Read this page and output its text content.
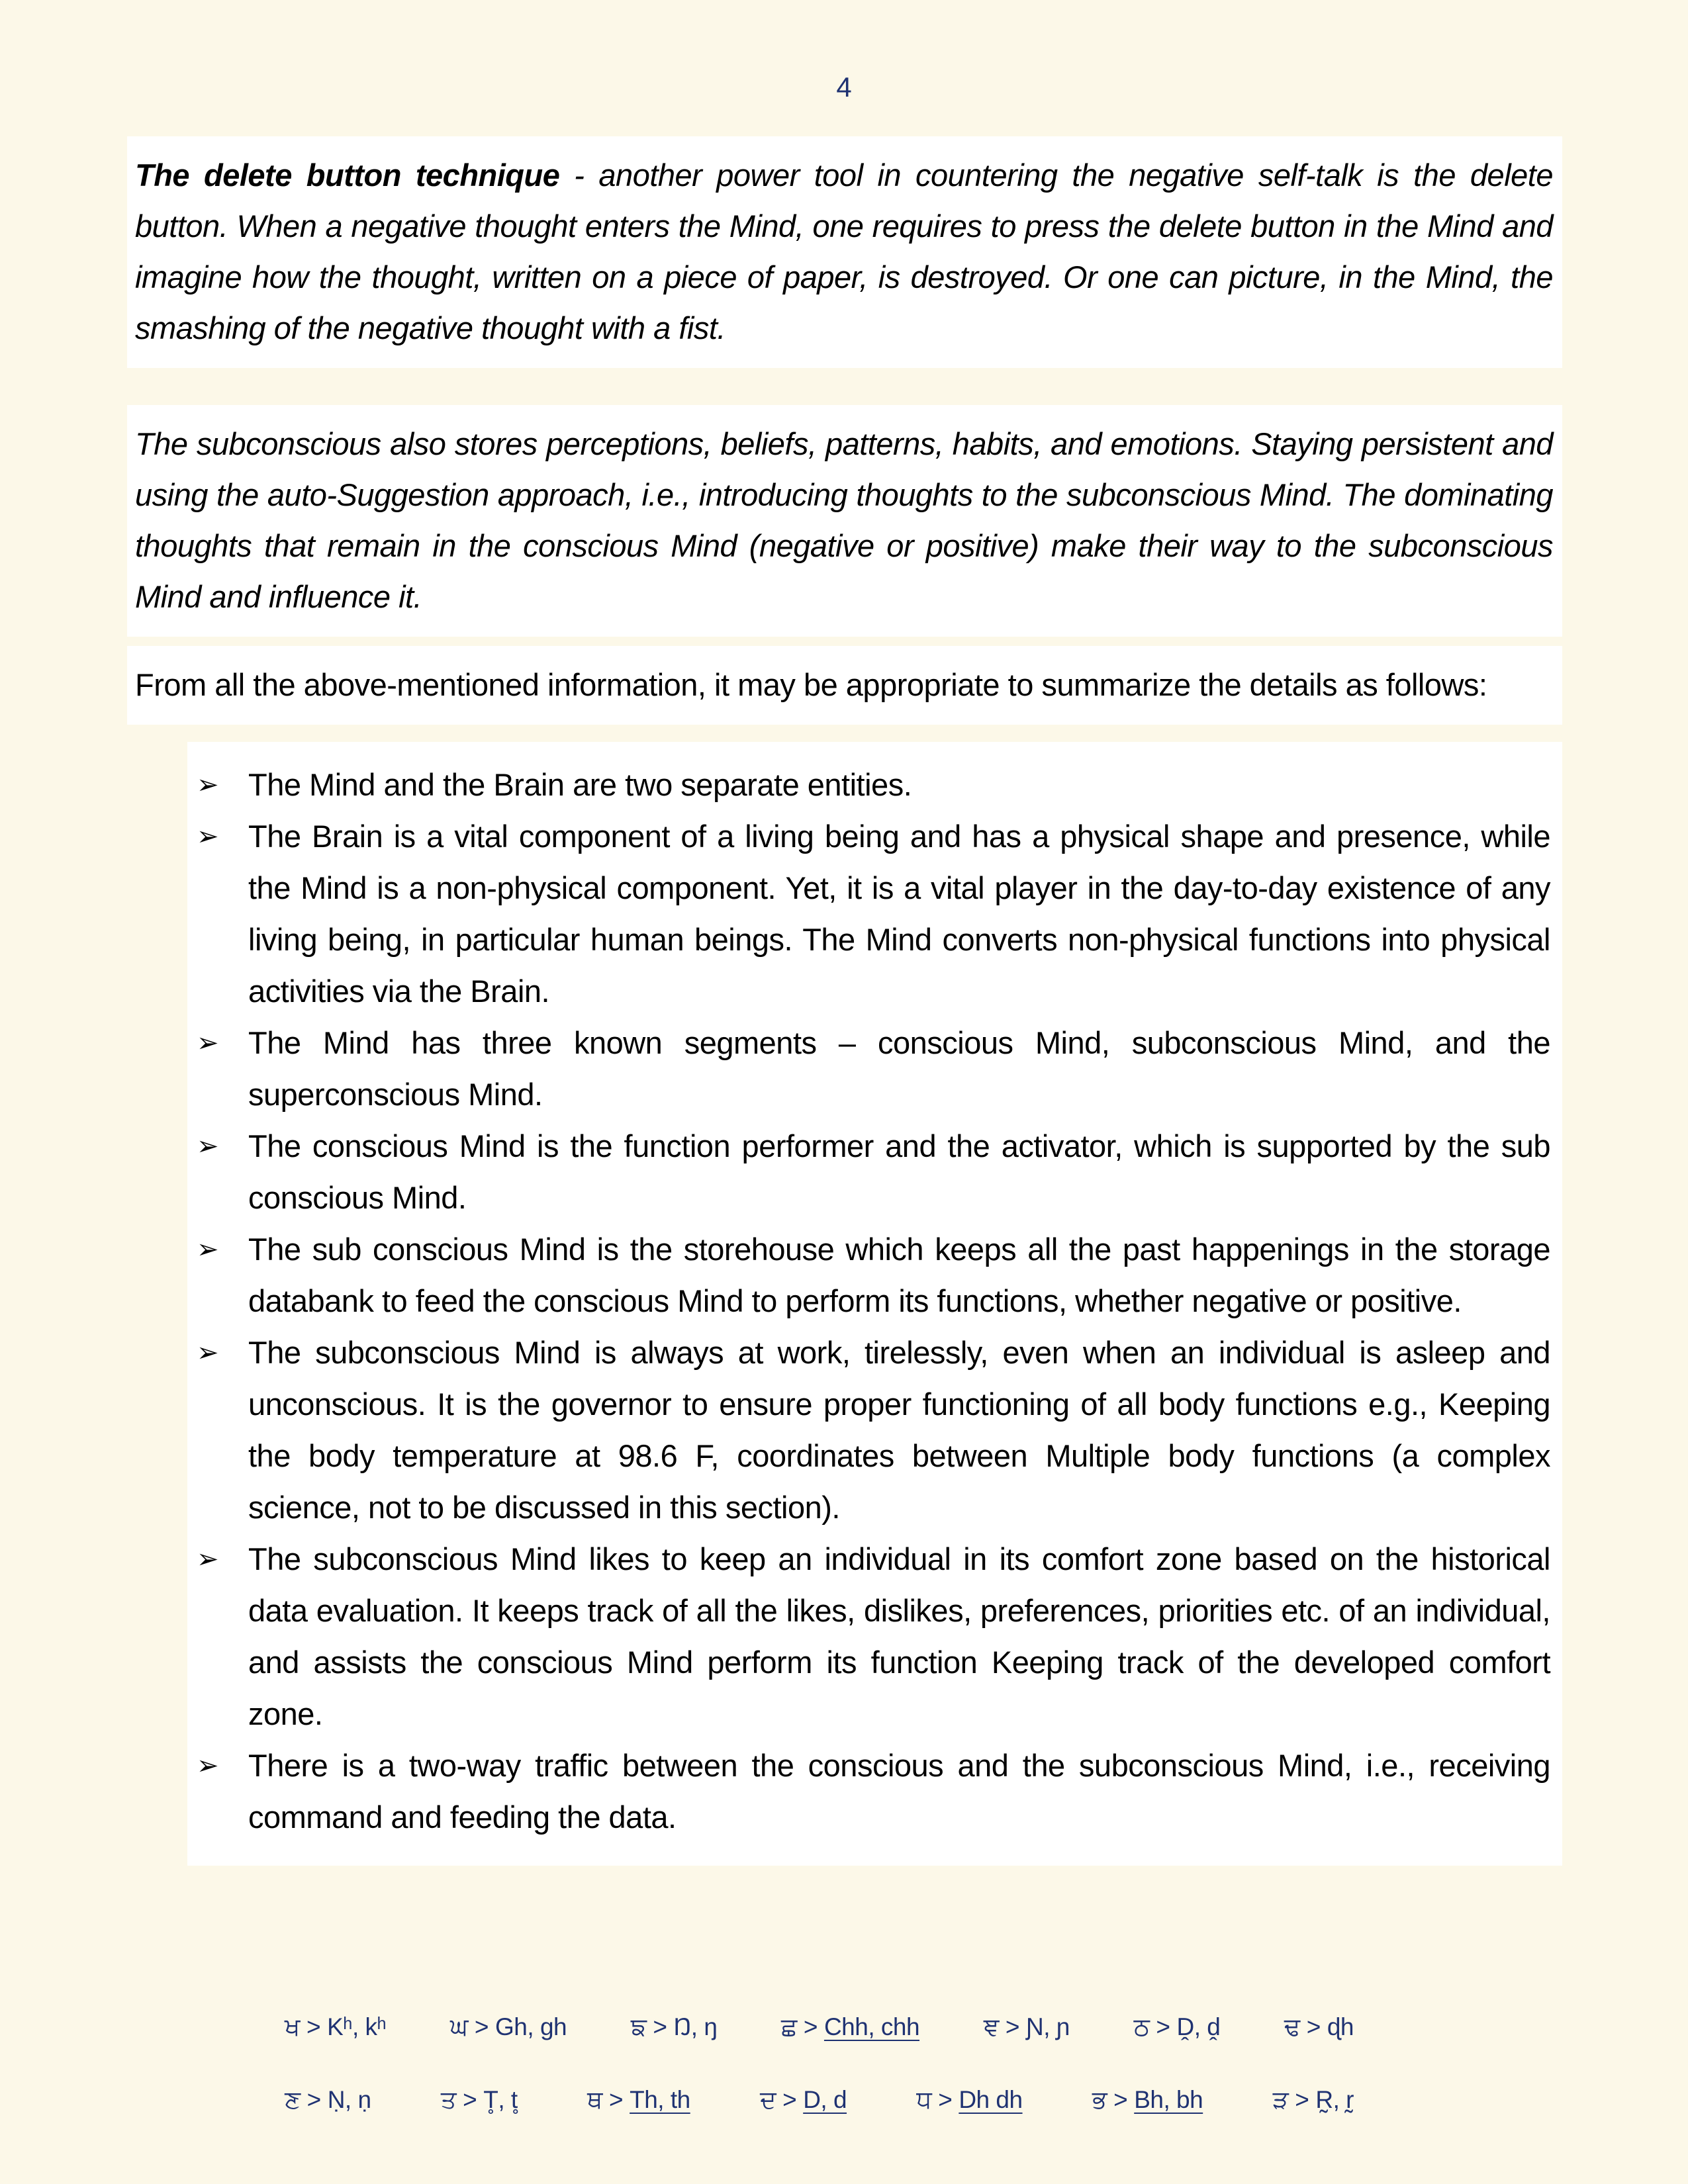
4

The delete button technique - another power tool in countering the negative self-talk is the delete button. When a negative thought enters the Mind, one requires to press the delete button in the Mind and imagine how the thought, written on a piece of paper, is destroyed. Or one can picture, in the Mind, the smashing of the negative thought with a fist.

The subconscious also stores perceptions, beliefs, patterns, habits, and emotions. Staying persistent and using the auto-Suggestion approach, i.e., introducing thoughts to the subconscious Mind. The dominating thoughts that remain in the conscious Mind (negative or positive) make their way to the subconscious Mind and influence it.

From all the above-mentioned information, it may be appropriate to summarize the details as follows:

➢ The Mind and the Brain are two separate entities.
➢ The Brain is a vital component of a living being and has a physical shape and presence, while the Mind is a non-physical component. Yet, it is a vital player in the day-to-day existence of any living being, in particular human beings. The Mind converts non-physical functions into physical activities via the Brain.
➢ The Mind has three known segments – conscious Mind, subconscious Mind, and the superconscious Mind.
➢ The conscious Mind is the function performer and the activator, which is supported by the sub conscious Mind.
➢ The sub conscious Mind is the storehouse which keeps all the past happenings in the storage databank to feed the conscious Mind to perform its functions, whether negative or positive.
➢ The subconscious Mind is always at work, tirelessly, even when an individual is asleep and unconscious. It is the governor to ensure proper functioning of all body functions e.g., Keeping the body temperature at 98.6 F, coordinates between Multiple body functions (a complex science, not to be discussed in this section).
➢ The subconscious Mind likes to keep an individual in its comfort zone based on the historical data evaluation. It keeps track of all the likes, dislikes, preferences, priorities etc. of an individual, and assists the conscious Mind perform its function Keeping track of the developed comfort zone.
➢ There is a two-way traffic between the conscious and the subconscious Mind, i.e., receiving command and feeding the data.
ਖ > Kʰ, kʰ	ਘ > Gh, gh	ਙ > Ŋ, ŋ	ਛ > Chh, chh	ਞ > Ɲ, ɲ	ਠ > Ḓ, ḓ	ਢ > ɖh
ਣ > Ṇ, ṇ	ਤ > T̥, t̥	ਥ > Th, th	ਦ > D, d	ਧ > Dh dh	ਭ > Bh, bh	ੜ > R̰, r̰
